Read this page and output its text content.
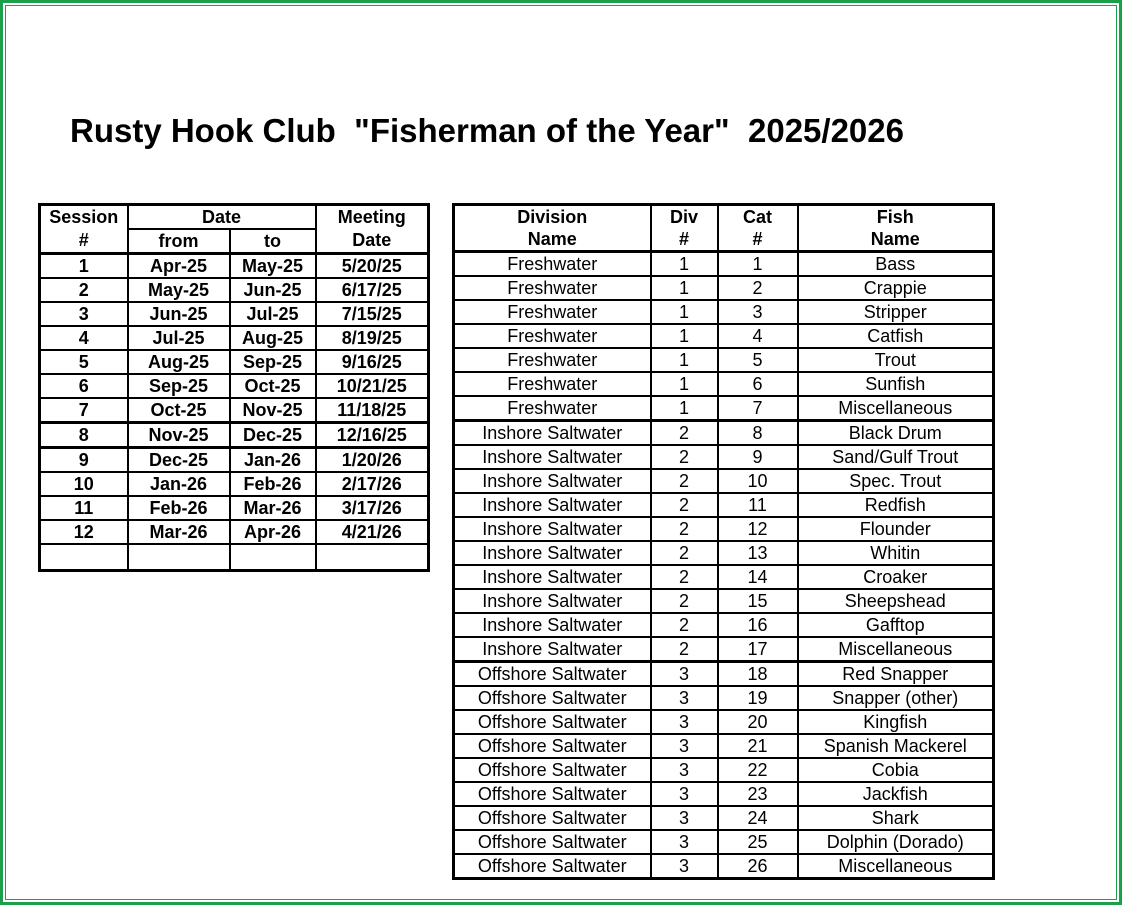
Rusty Hook Club  "Fisherman of the Year"  2025/2026
Session	Date		Meeting
#	from	to	Date
1	Apr-25	May-25	5/20/25
2	May-25	Jun-25	6/17/25
3	Jun-25	Jul-25	7/15/25
4	Jul-25	Aug-25	8/19/25
5	Aug-25	Sep-25	9/16/25
6	Sep-25	Oct-25	10/21/25
7	Oct-25	Nov-25	11/18/25
8	Nov-25	Dec-25	12/16/25
9	Dec-25	Jan-26	1/20/26
10	Jan-26	Feb-26	2/17/26
11	Feb-26	Mar-26	3/17/26
12	Mar-26	Apr-26	4/21/26

Division	Div	Cat	Fish
Name	#	#	Name
Freshwater	1	1	Bass
Freshwater	1	2	Crappie
Freshwater	1	3	Stripper
Freshwater	1	4	Catfish
Freshwater	1	5	Trout
Freshwater	1	6	Sunfish
Freshwater	1	7	Miscellaneous
Inshore Saltwater	2	8	Black Drum
Inshore Saltwater	2	9	Sand/Gulf Trout
Inshore Saltwater	2	10	Spec. Trout
Inshore Saltwater	2	11	Redfish
Inshore Saltwater	2	12	Flounder
Inshore Saltwater	2	13	Whitin
Inshore Saltwater	2	14	Croaker
Inshore Saltwater	2	15	Sheepshead
Inshore Saltwater	2	16	Gafftop
Inshore Saltwater	2	17	Miscellaneous
Offshore Saltwater	3	18	Red Snapper
Offshore Saltwater	3	19	Snapper (other)
Offshore Saltwater	3	20	Kingfish
Offshore Saltwater	3	21	Spanish Mackerel
Offshore Saltwater	3	22	Cobia
Offshore Saltwater	3	23	Jackfish
Offshore Saltwater	3	24	Shark
Offshore Saltwater	3	25	Dolphin (Dorado)
Offshore Saltwater	3	26	Miscellaneous
